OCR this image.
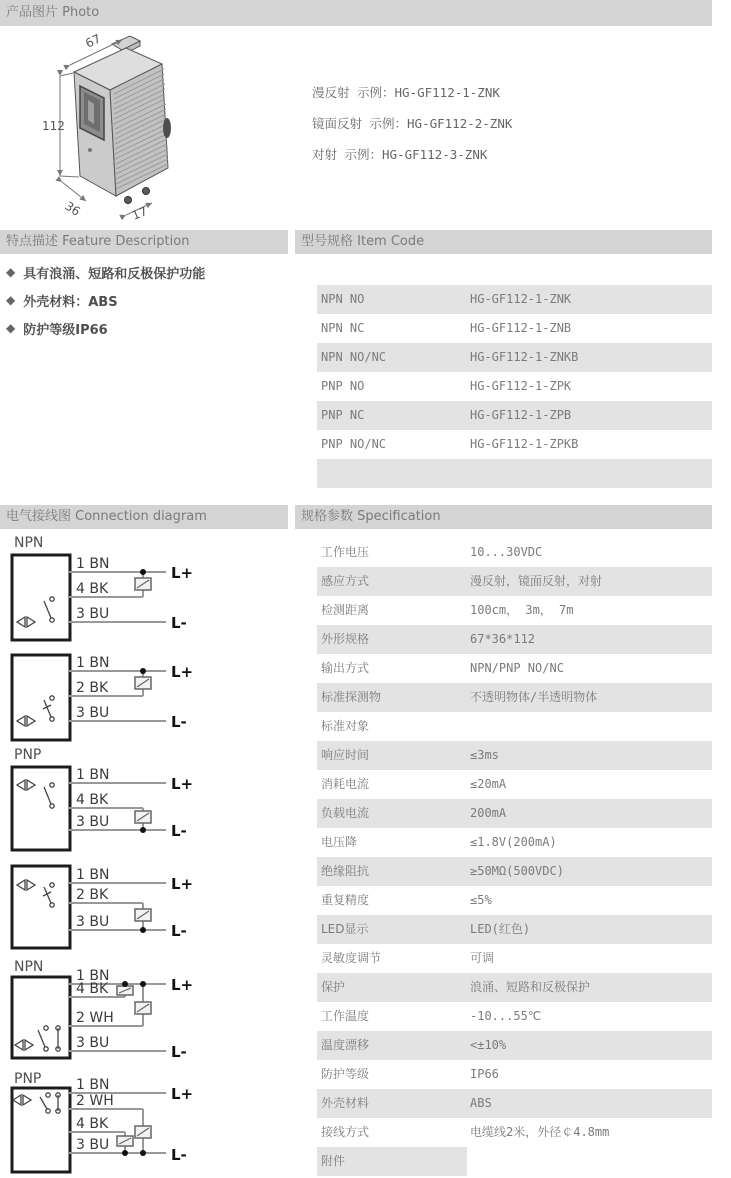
产品图片 Photo
特点描述 Feature Description	型号规格 Item Code
电气接线图 Connection diagram	规格参数 Specification
112
67
36	17
漫反射 示例：HG-GF112-1-ZNK
镜面反射 示例：HG-GF112-2-ZNK
对射 示例：HG-GF112-3-ZNK
◆ 具有浪涌、短路和反极保护功能
◆ 外壳材料：ABS
◆ 防护等级IP66
NPN NO	HG-GF112-1-ZNK
NPN NC	HG-GF112-1-ZNB
NPN NO/NC	HG-GF112-1-ZNKB
PNP NO	HG-GF112-1-ZPK
PNP NC	HG-GF112-1-ZPB
PNP NO/NC	HG-GF112-1-ZPKB
工作电压	10...30VDC
感应方式	漫反射，镜面反射，对射
检测距离	100cm， 3m， 7m
外形规格	67*36*112
输出方式	NPN/PNP NO/NC
标准探测物	不透明物体/半透明物体
标准对象
响应时间	≤3ms
消耗电流	≤20mA
负载电流	200mA
电压降	≤1.8V(200mA)
绝缘阻抗	≥50MΩ(500VDC)
重复精度	≤5%
LED显示	LED(红色)
灵敏度调节	可调
保护	浪涌、短路和反极保护
工作温度	-10...55℃
温度漂移	<±10%
防护等级	IP66
外壳材料	ABS
接线方式	电缆线2米，外径￠4.8mm
附件
NPN
1 BN
4 BK
3 BU
L+
L-
1 BN
2 BK
3 BU
L+
L-
PNP
1 BN
4 BK
3 BU
L+
L-
1 BN
2 BK
3 BU
L+
L-
NPN
1 BN
4 BK
2 WH
3 BU
L+
L-
PNP 1 BN
2 WH
4 BK
3 BU
L+
L-
